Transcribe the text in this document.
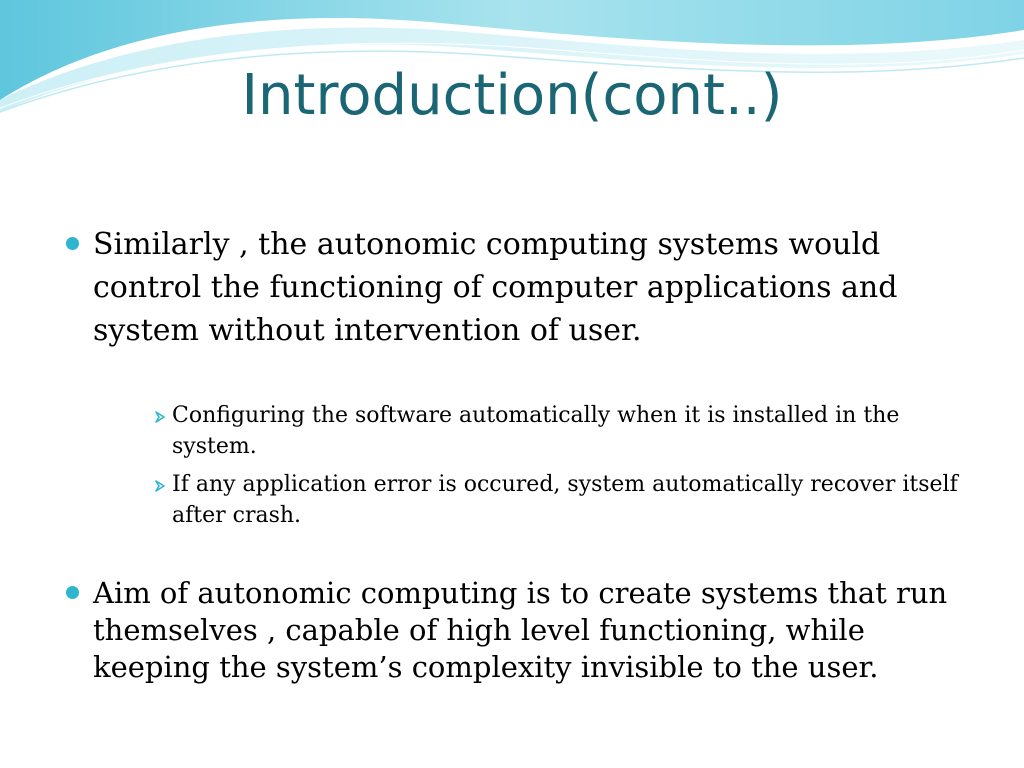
Introduction(cont..)
Similarly , the autonomic computing systems would control the functioning of computer applications and system without intervention of user.
Configuring the software automatically when it is installed in the system.
If any application error is occured, system automatically recover itself after crash.
Aim of autonomic computing is to create systems that run themselves , capable of high level functioning, while keeping the system’s complexity invisible to the user.
